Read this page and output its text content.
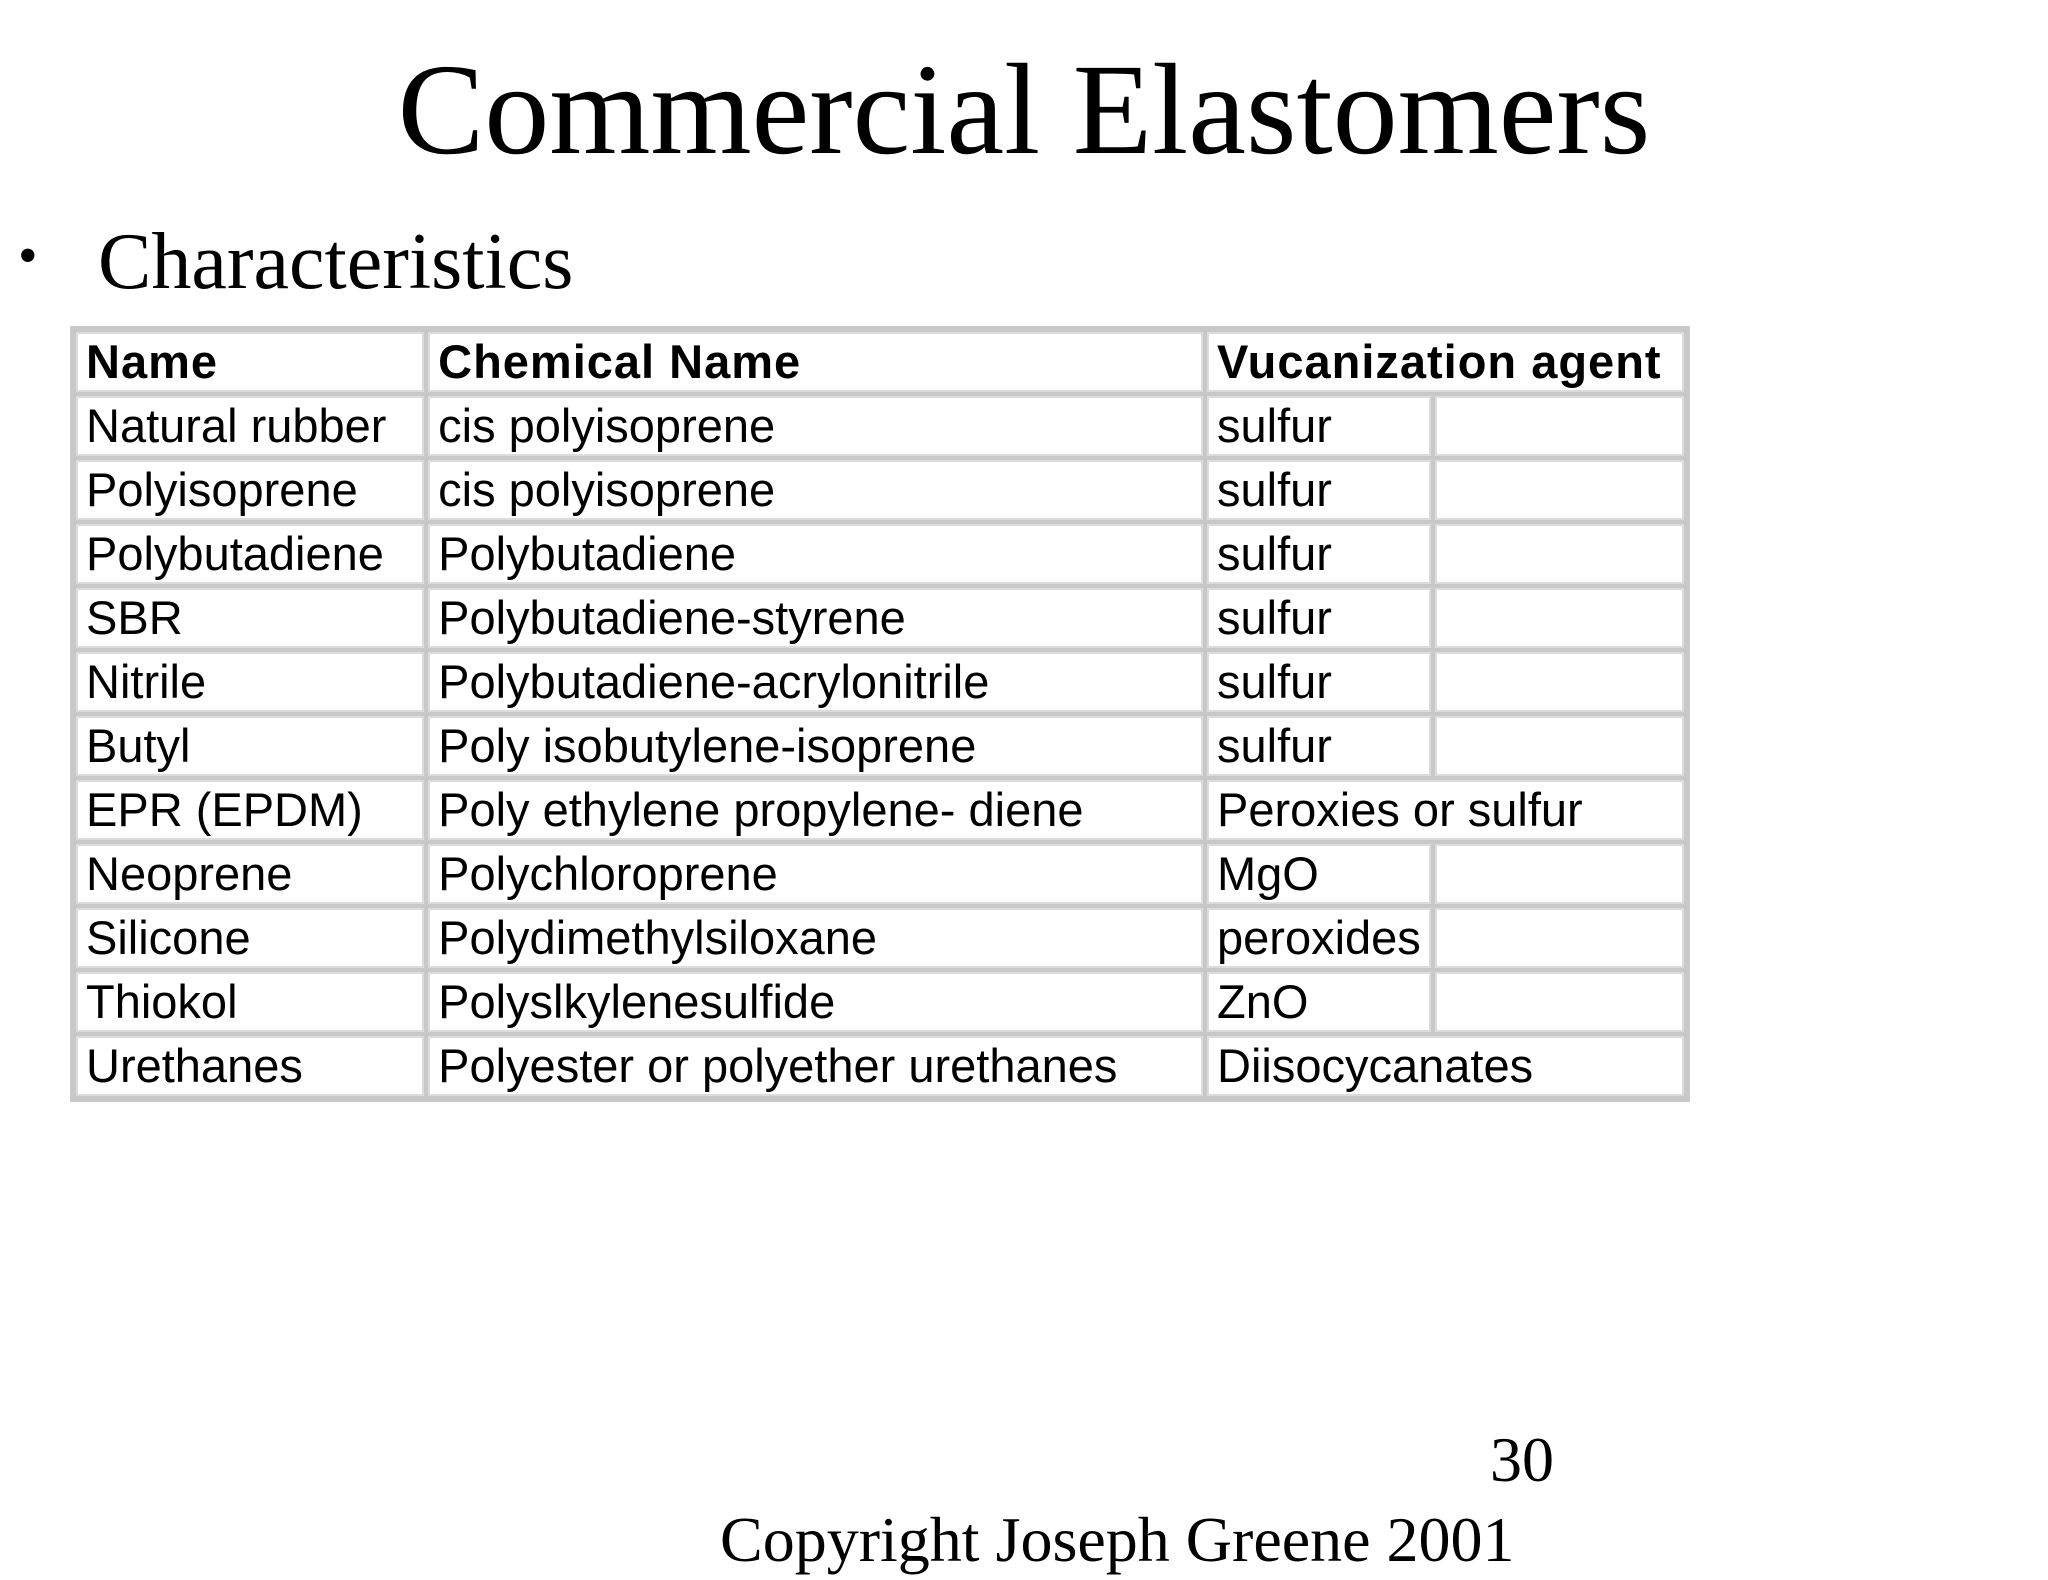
Commercial Elastomers
• Characteristics
Name	Chemical Name	Vucanization agent	
Natural rubber	cis polyisoprene	sulfur	
Polyisoprene	cis polyisoprene	sulfur	
Polybutadiene	Polybutadiene	sulfur	
SBR	Polybutadiene-styrene	sulfur	
Nitrile	Polybutadiene-acrylonitrile	sulfur	
Butyl	Poly isobutylene-isoprene	sulfur	
EPR (EPDM)	Poly ethylene propylene- diene	Peroxies or sulfur	
Neoprene	Polychloroprene	MgO	
Silicone	Polydimethylsiloxane	peroxides	
Thiokol	Polyslkylenesulfide	ZnO	
Urethanes	Polyester or polyether urethanes	Diisocycanates	
30
Copyright Joseph Greene 2001
